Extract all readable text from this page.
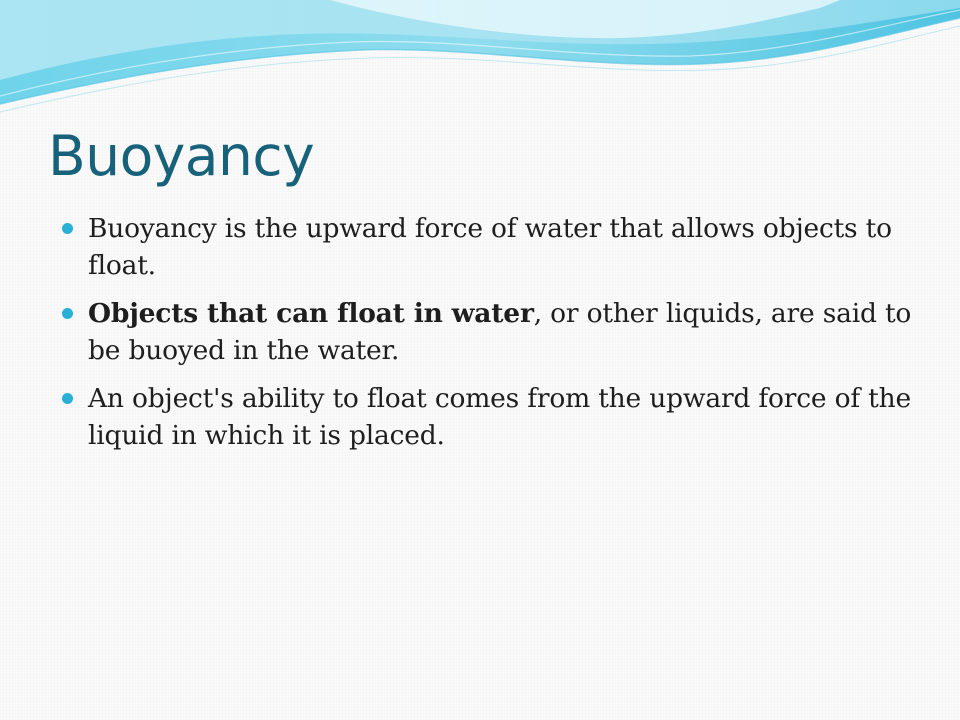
Buoyancy
Buoyancy is the upward force of water that allows objects to float.
Objects that can float in water, or other liquids, are said to be buoyed in the water.
An object's ability to float comes from the upward force of the liquid in which it is placed.
